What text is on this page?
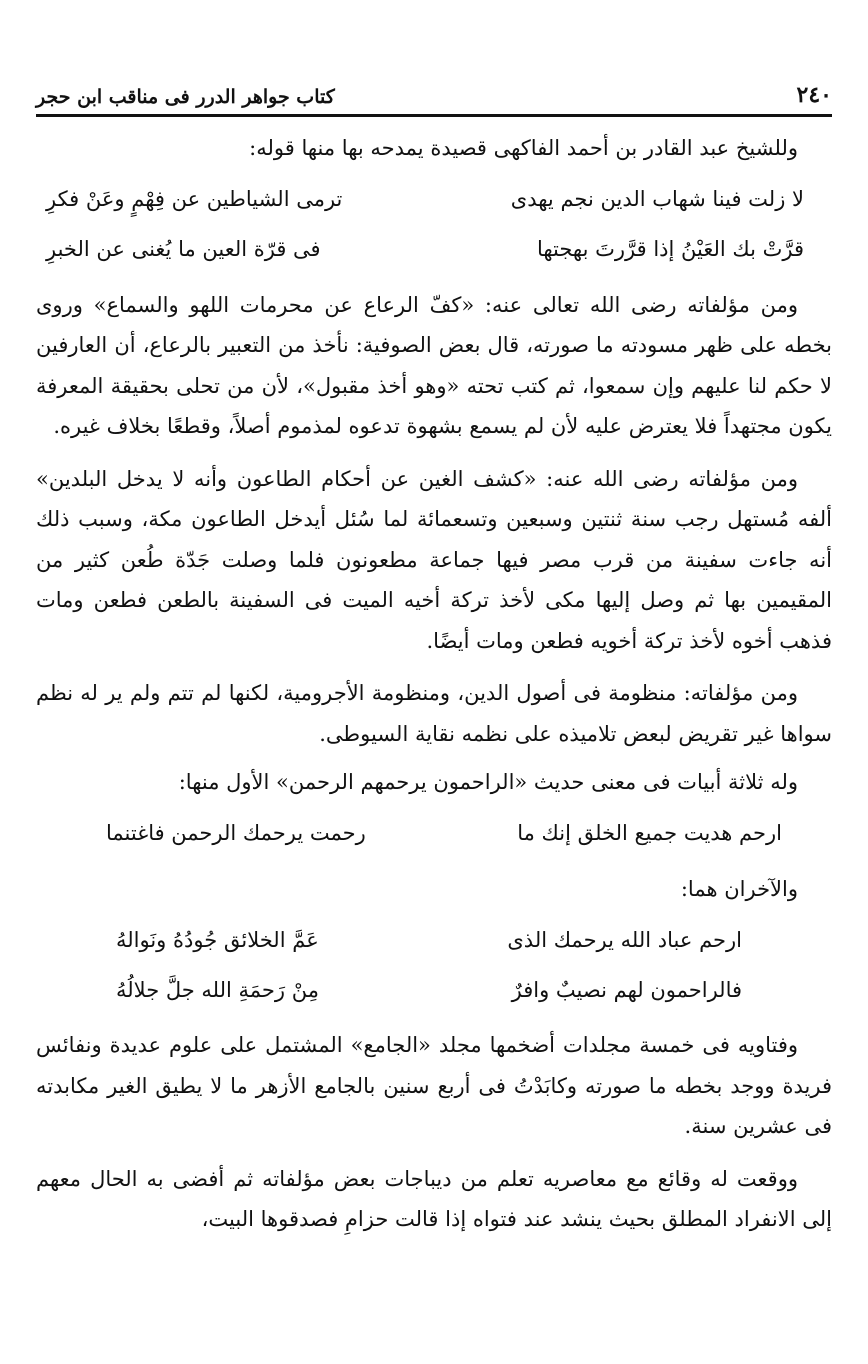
٢٤٠
كتاب جواهر الدرر فى مناقب ابن حجر

وللشيخ عبد القادر بن أحمد الفاكهى قصيدة يمدحه بها منها قوله:

لا زلت فينا شهاب الدين نجم يهدى
ترمى الشياطين عن فِهْمٍ وعَنْ فكرِ
قرَّتْ بك العَيْنُ إذا قرَّرتَ بهجتها
فى قرّة العين ما يُغنى عن الخبرِ

ومن مؤلفاته رضى الله تعالى عنه: «كفّ الرعاع عن محرمات اللهو والسماع» وروى بخطه على ظهر مسودته ما صورته، قال بعض الصوفية: نأخذ من التعبير بالرعاع، أن العارفين لا حكم لنا عليهم وإن سمعوا، ثم كتب تحته «وهو أخذ مقبول»، لأن من تحلى بحقيقة المعرفة يكون مجتهداً فلا يعترض عليه لأن لم يسمع بشهوة تدعوه لمذموم أصلاً، وقطعًا بخلاف غيره.

ومن مؤلفاته رضى الله عنه: «كشف الغين عن أحكام الطاعون وأنه لا يدخل البلدين» ألفه مُستهل رجب سنة ثنتين وسبعين وتسعمائة لما سُئل أيدخل الطاعون مكة، وسبب ذلك أنه جاءت سفينة من قرب مصر فيها جماعة مطعونون فلما وصلت جَدّة طُعن كثير من المقيمين بها ثم وصل إليها مكى لأخذ تركة أخيه الميت فى السفينة بالطعن فطعن ومات فذهب أخوه لأخذ تركة أخويه فطعن ومات أيضًا.

ومن مؤلفاته: منظومة فى أصول الدين، ومنظومة الأجرومية، لكنها لم تتم ولم ير له نظم سواها غير تقريض لبعض تلاميذه على نظمه نقاية السيوطى.

وله ثلاثة أبيات فى معنى حديث «الراحمون يرحمهم الرحمن» الأول منها:

ارحم هديت جميع الخلق إنك ما
رحمت يرحمك الرحمن فاغتنما

والآخران هما:

ارحم عباد الله يرحمك الذى
عَمَّ الخلائق جُودُهُ ونَوالهُ
فالراحمون لهم نصيبٌ وافرٌ
مِنْ رَحمَةِ الله جلَّ جلالُهُ

وفتاويه فى خمسة مجلدات أضخمها مجلد «الجامع» المشتمل على علوم عديدة ونفائس فريدة ووجد بخطه ما صورته وكابَدْتُ فى أربع سنين بالجامع الأزهر ما لا يطيق الغير مكابدته فى عشرين سنة.

ووقعت له وقائع مع معاصريه تعلم من ديباجات بعض مؤلفاته ثم أفضى به الحال معهم إلى الانفراد المطلق بحيث ينشد عند فتواه إذا قالت حزامِ فصدقوها البيت،
